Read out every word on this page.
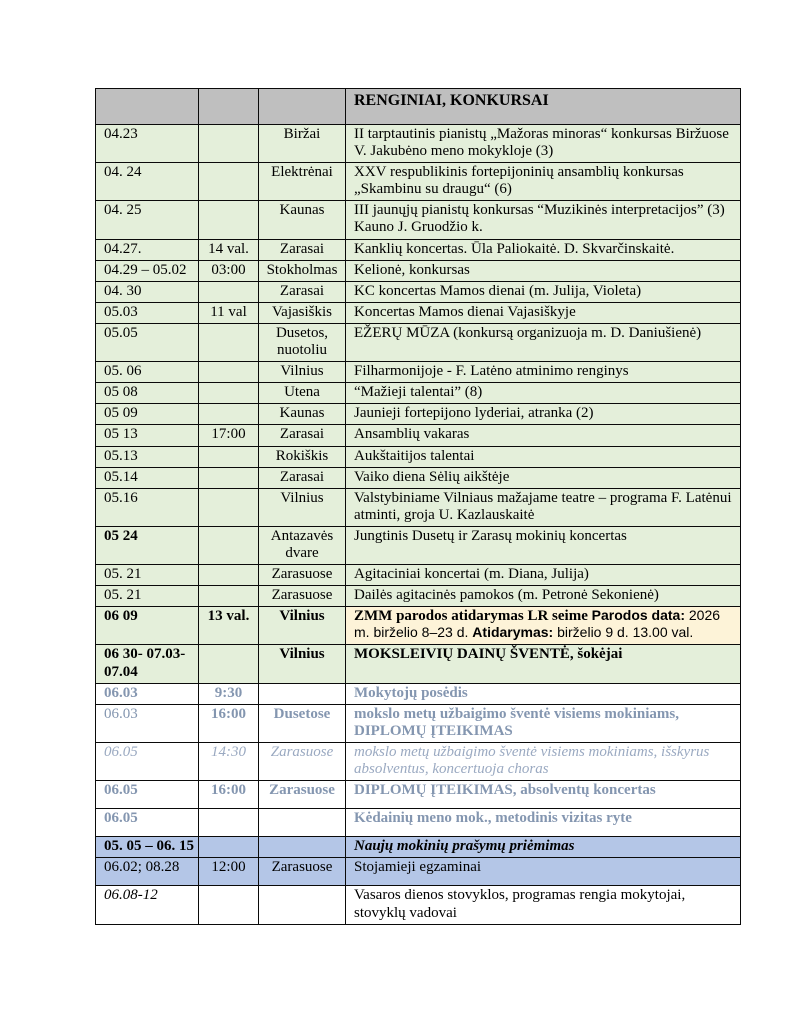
			RENGINIAI, KONKURSAI
04.23		Biržai	II tarptautinis pianistų „Mažoras minoras“ konkursas Biržuose V. Jakubėno meno mokykloje (3)
04. 24		Elektrėnai	XXV respublikinis fortepijoninių ansamblių konkursas „Skambinu su draugu“ (6)
04. 25		Kaunas	III jaunųjų pianistų konkursas “Muzikinės interpretacijos” (3) Kauno J. Gruodžio k.
04.27.	14 val.	Zarasai	Kanklių koncertas. Ūla Paliokaitė. D. Skvarčinskaitė.
04.29 – 05.02	03:00	Stokholmas	Kelionė, konkursas
04. 30		Zarasai	KC koncertas Mamos dienai (m. Julija, Violeta)
05.03	11 val	Vajasiškis	Koncertas Mamos dienai Vajasiškyje
05.05		Dusetos, nuotoliu	EŽERŲ MŪZA (konkursą organizuoja m. D. Daniušienė)
05. 06		Vilnius	Filharmonijoje - F. Latėno atminimo renginys
05 08		Utena	“Mažieji talentai” (8)
05 09		Kaunas	Jaunieji fortepijono lyderiai, atranka (2)
05 13	17:00	Zarasai	Ansamblių vakaras
05.13		Rokiškis	Aukštaitijos talentai
05.14		Zarasai	Vaiko diena Sėlių aikštėje
05.16		Vilnius	Valstybiniame Vilniaus mažajame teatre – programa F. Latėnui atminti, groja U. Kazlauskaitė
05 24		Antazavės dvare	Jungtinis Dusetų ir Zarasų mokinių koncertas
05. 21		Zarasuose	Agitaciniai koncertai (m. Diana, Julija)
05. 21		Zarasuose	Dailės agitacinės pamokos (m. Petronė Sekonienė)
06 09	13 val.	Vilnius	ZMM parodos atidarymas LR seime Parodos data: 2026 m. birželio 8–23 d. Atidarymas: birželio 9 d. 13.00 val.
06 30- 07.03-07.04		Vilnius	MOKSLEIVIŲ DAINŲ ŠVENTĖ, šokėjai
06.03	9:30		Mokytojų posėdis
06.03	16:00	Dusetose	mokslo metų užbaigimo šventė visiems mokiniams, DIPLOMŲ ĮTEIKIMAS
06.05	14:30	Zarasuose	mokslo metų užbaigimo šventė visiems mokiniams, išskyrus absolventus, koncertuoja choras
06.05	16:00	Zarasuose	DIPLOMŲ ĮTEIKIMAS, absolventų koncertas
06.05			Kėdainių meno mok., metodinis vizitas ryte
05. 05 – 06. 15			Naujų mokinių prašymų priėmimas
06.02; 08.28	12:00	Zarasuose	Stojamieji egzaminai
06.08-12			Vasaros dienos stovyklos, programas rengia mokytojai, stovyklų vadovai
